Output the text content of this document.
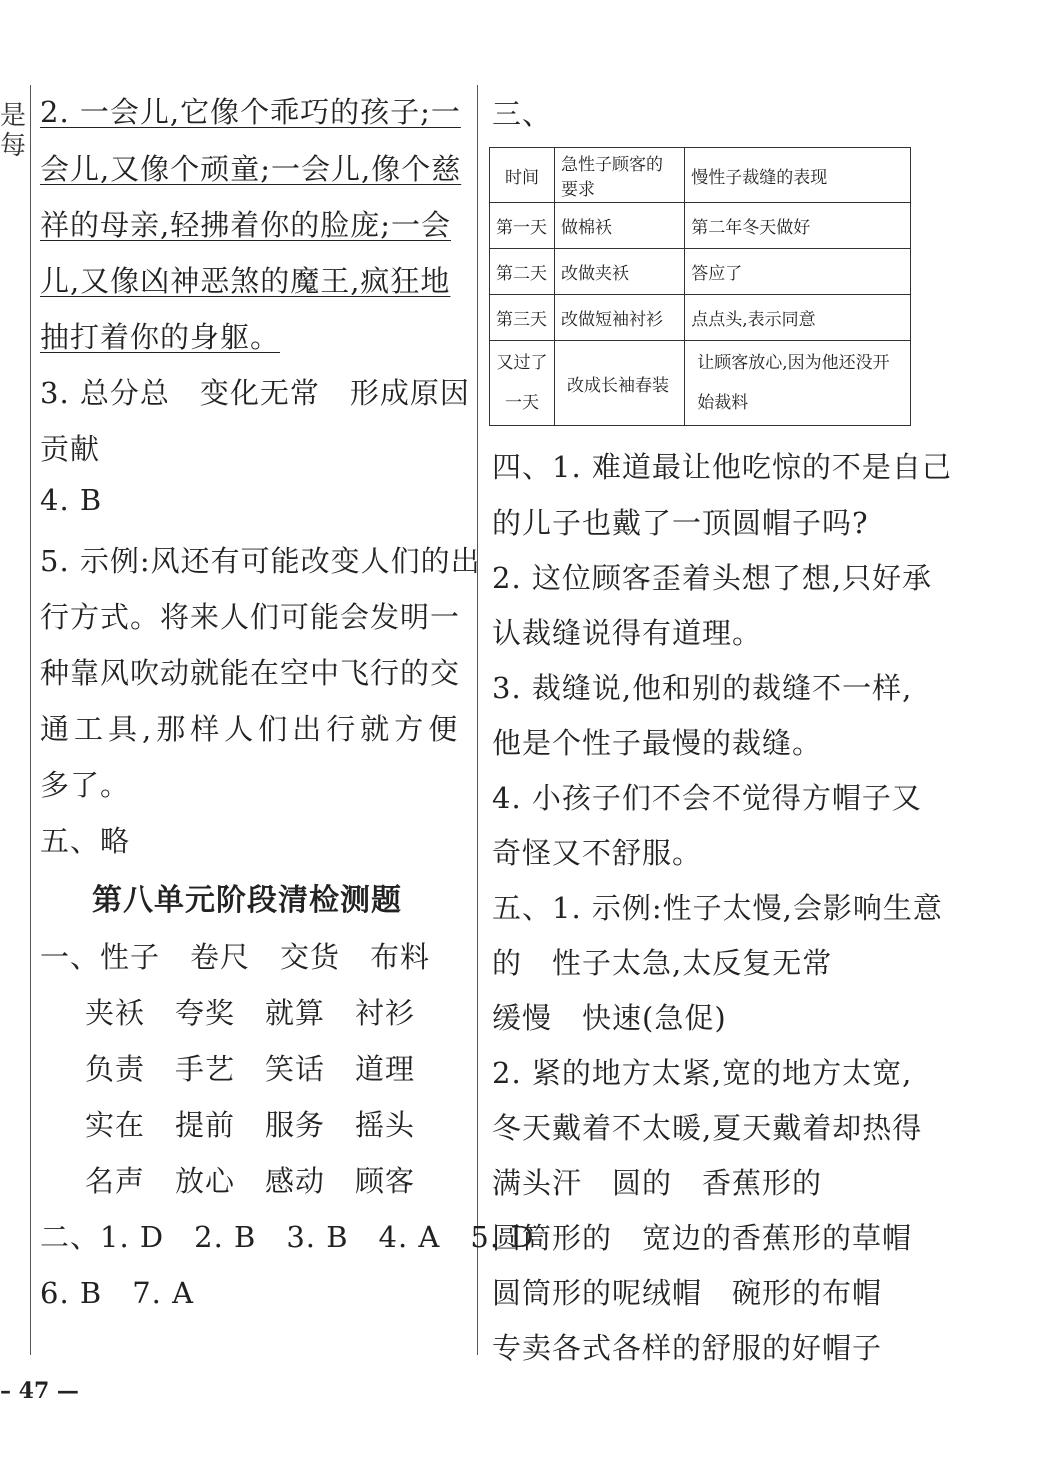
是
每
2. 一会儿,它像个乖巧的孩子;一
会儿,又像个顽童;一会儿,像个慈
祥的母亲,轻拂着你的脸庞;一会
儿,又像凶神恶煞的魔王,疯狂地
抽打着你的身躯。
3. 总分总　变化无常　形成原因
贡献
4. B
5. 示例:风还有可能改变人们的出
行方式。将来人们可能会发明一
种靠风吹动就能在空中飞行的交
通工具,那样人们出行就方便
多了。
五、略
第八单元阶段清检测题
一、性子　卷尺　交货　布料
夹袄　夸奖　就算　衬衫
负责　手艺　笑话　道理
实在　提前　服务　摇头
名声　放心　感动　顾客
二、1. D　2. B　3. B　4. A　5. D
6. B　7. A
三、
时间	急性子顾客的要求	慢性子裁缝的表现
第一天	做棉袄	第二年冬天做好
第二天	改做夹袄	答应了
第三天	改做短袖衬衫	点点头,表示同意
又过了一天	改成长袖春装	让顾客放心,因为他还没开始裁料
四、1. 难道最让他吃惊的不是自己
的儿子也戴了一顶圆帽子吗?
2. 这位顾客歪着头想了想,只好承
认裁缝说得有道理。
3. 裁缝说,他和别的裁缝不一样,
他是个性子最慢的裁缝。
4. 小孩子们不会不觉得方帽子又
奇怪又不舒服。
五、1. 示例:性子太慢,会影响生意
的　性子太急,太反复无常
缓慢　快速(急促)
2. 紧的地方太紧,宽的地方太宽,
冬天戴着不太暖,夏天戴着却热得
满头汗　圆的　香蕉形的
圆筒形的　宽边的香蕉形的草帽
圆筒形的呢绒帽　碗形的布帽
专卖各式各样的舒服的好帽子
– 47 —
